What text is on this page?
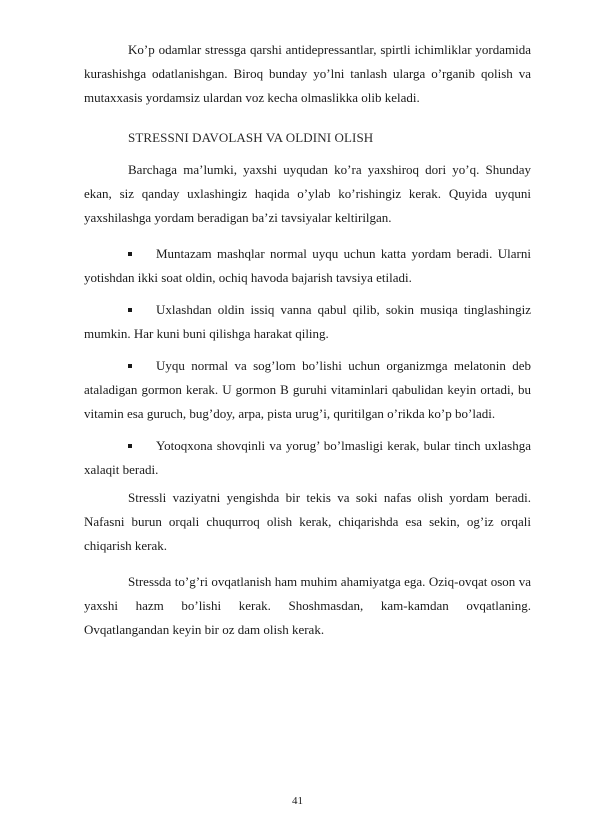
Ko’p odamlar stressga qarshi antidepressantlar, spirtli ichimliklar yordamida kurashishga odatlanishgan. Biroq bunday yo’lni tanlash ularga o’rganib qolish va mutaxxasis yordamsiz ulardan voz kecha olmaslikka olib keladi.

STRESSNI DAVOLASH VA OLDINI OLISH

Barchaga ma’lumki, yaxshi uyqudan ko’ra yaxshiroq dori yo’q. Shunday ekan, siz qanday uxlashingiz haqida o’ylab ko’rishingiz kerak. Quyida uyquni yaxshilashga yordam beradigan ba’zi tavsiyalar keltirilgan.

Muntazam mashqlar normal uyqu uchun katta yordam beradi. Ularni yotishdan ikki soat oldin, ochiq havoda bajarish tavsiya etiladi.

Uxlashdan oldin issiq vanna qabul qilib, sokin musiqa tinglashingiz mumkin. Har kuni buni qilishga harakat qiling.

Uyqu normal va sog’lom bo’lishi uchun organizmga melatonin deb ataladigan gormon kerak. U gormon B guruhi vitaminlari qabulidan keyin ortadi, bu vitamin esa guruch, bug’doy, arpa, pista urug’i, quritilgan o’rikda ko’p bo’ladi.

Yotoqxona shovqinli va yorug’ bo’lmasligi kerak, bular tinch uxlashga xalaqit beradi.

Stressli vaziyatni yengishda bir tekis va soki nafas olish yordam beradi. Nafasni burun orqali chuqurroq olish kerak, chiqarishda esa sekin, og’iz orqali chiqarish kerak.

Stressda to’g’ri ovqatlanish ham muhim ahamiyatga ega. Oziq-ovqat oson va yaxshi hazm bo’lishi kerak. Shoshmasdan, kam-kamdan ovqatlaning. Ovqatlangandan keyin bir oz dam olish kerak.

41
